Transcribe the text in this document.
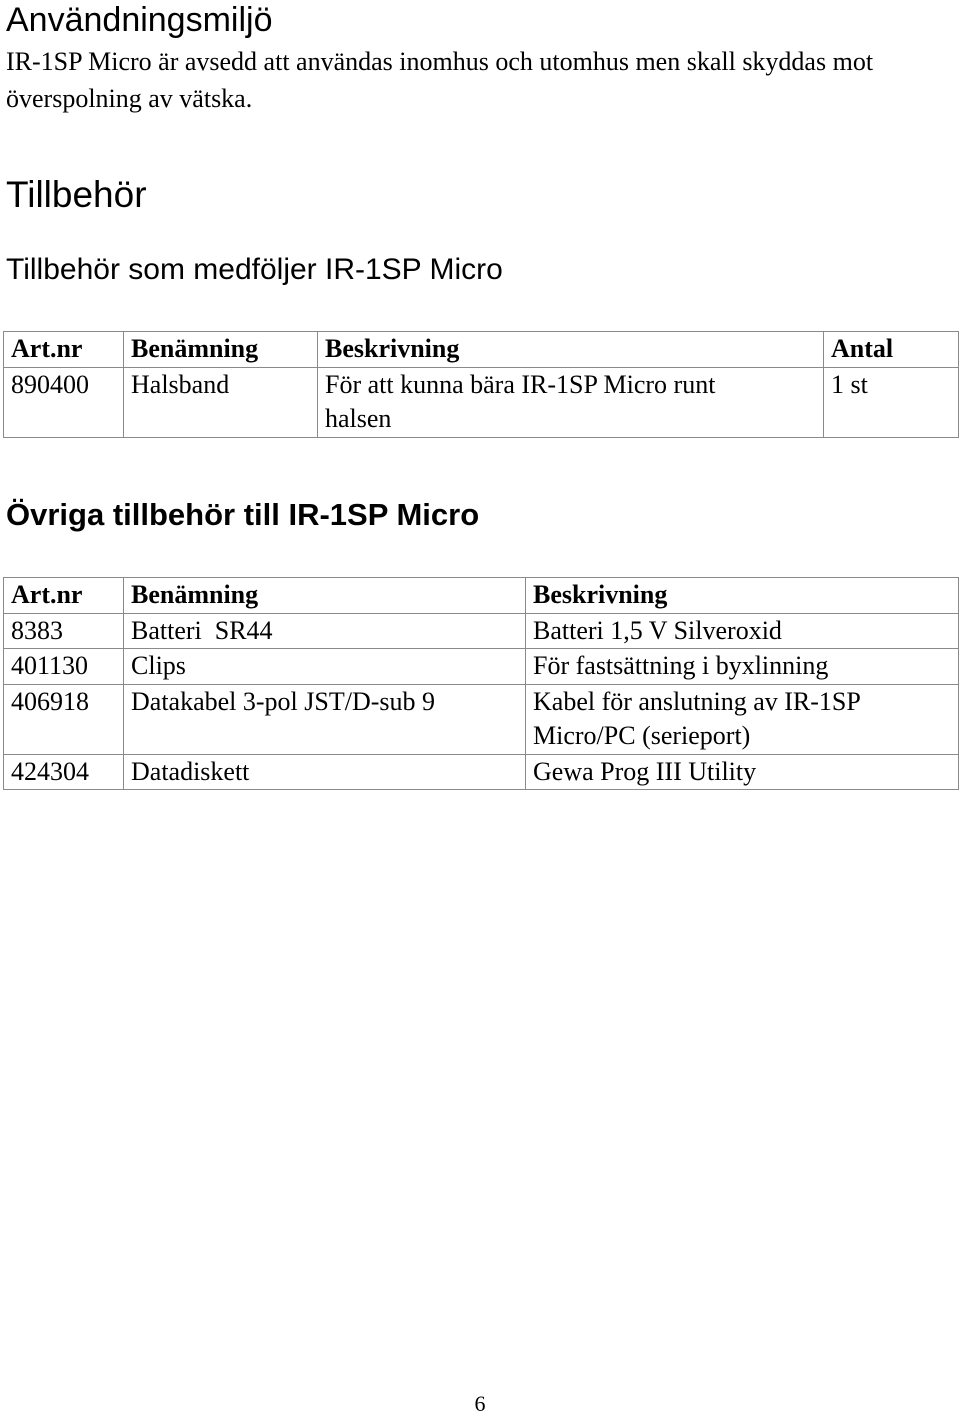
Användningsmiljö

IR-1SP Micro är avsedd att användas inomhus och utomhus men skall skyddas mot överspolning av vätska.

Tillbehör
Tillbehör som medföljer IR-1SP Micro
Art.nr	Benämning	Beskrivning	Antal
890400	Halsband	För att kunna bära IR-1SP Micro runt halsen	1 st
Övriga tillbehör till IR-1SP Micro
Art.nr	Benämning	Beskrivning
8383	Batteri  SR44	Batteri 1,5 V Silveroxid
401130	Clips	För fastsättning i byxlinning
406918	Datakabel 3-pol JST/D-sub 9	Kabel för anslutning av IR-1SP Micro/PC (serieport)
424304	Datadiskett	Gewa Prog III Utility
6
